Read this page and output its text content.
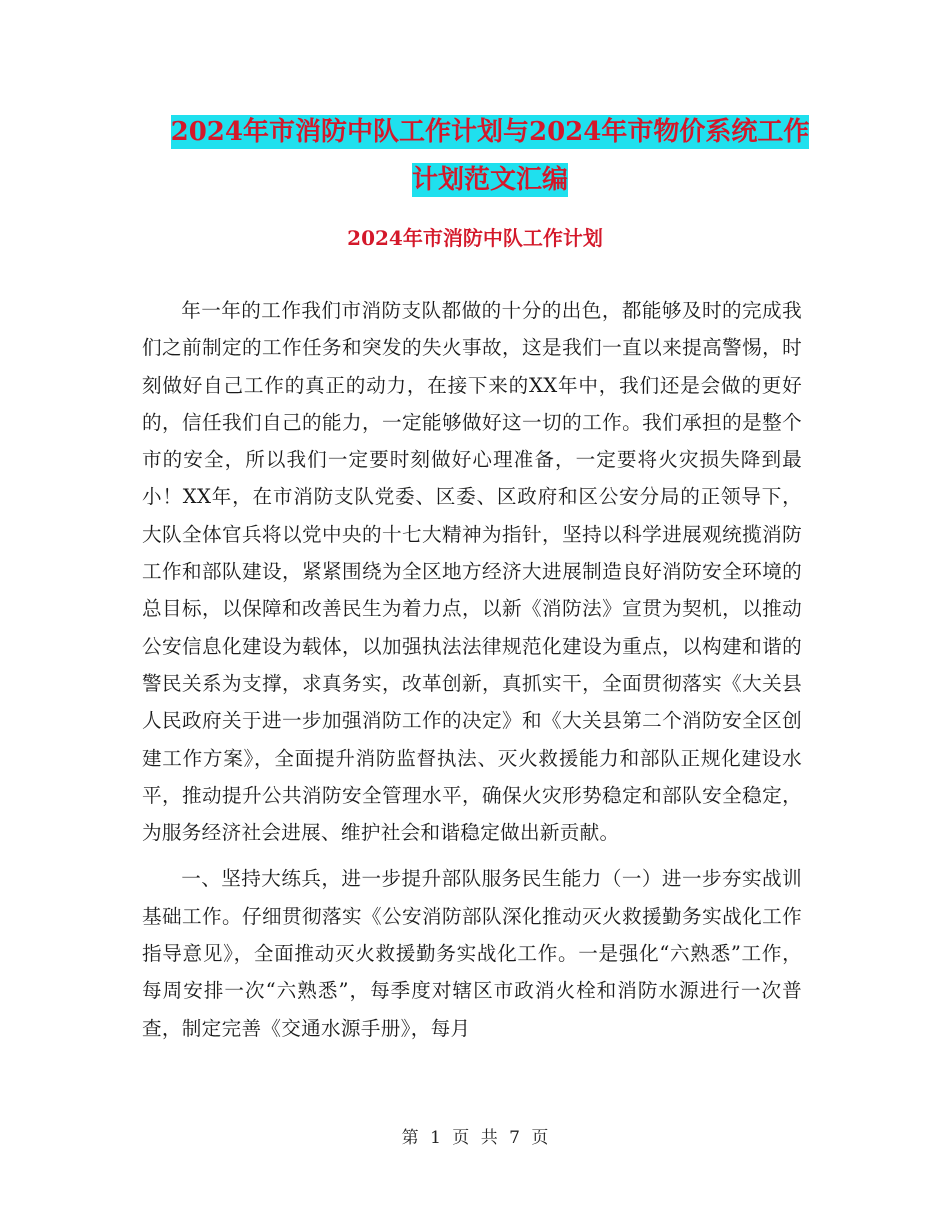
2024年市消防中队工作计划与2024年市物价系统工作
计划范文汇编
2024年市消防中队工作计划

年一年的工作我们市消防支队都做的十分的出色，都能够及时的完成我们之前制定的工作任务和突发的失火事故，这是我们一直以来提高警惕，时刻做好自己工作的真正的动力，在接下来的XX年中，我们还是会做的更好的，信任我们自己的能力，一定能够做好这一切的工作。我们承担的是整个市的安全，所以我们一定要时刻做好心理准备，一定要将火灾损失降到最小！XX年，在市消防支队党委、区委、区政府和区公安分局的正领导下，大队全体官兵将以党中央的十七大精神为指针，坚持以科学进展观统揽消防工作和部队建设，紧紧围绕为全区地方经济大进展制造良好消防安全环境的总目标，以保障和改善民生为着力点，以新《消防法》宣贯为契机，以推动公安信息化建设为载体，以加强执法法律规范化建设为重点，以构建和谐的警民关系为支撑，求真务实，改革创新，真抓实干，全面贯彻落实《大关县人民政府关于进一步加强消防工作的决定》和《大关县第二个消防安全区创建工作方案》，全面提升消防监督执法、灭火救援能力和部队正规化建设水平，推动提升公共消防安全管理水平，确保火灾形势稳定和部队安全稳定，为服务经济社会进展、维护社会和谐稳定做出新贡献。

一、坚持大练兵，进一步提升部队服务民生能力（一）进一步夯实战训基础工作。仔细贯彻落实《公安消防部队深化推动灭火救援勤务实战化工作指导意见》，全面推动灭火救援勤务实战化工作。一是强化“六熟悉”工作，每周安排一次“六熟悉”，每季度对辖区市政消火栓和消防水源进行一次普查，制定完善《交通水源手册》，每月

第 1 页 共 7 页
